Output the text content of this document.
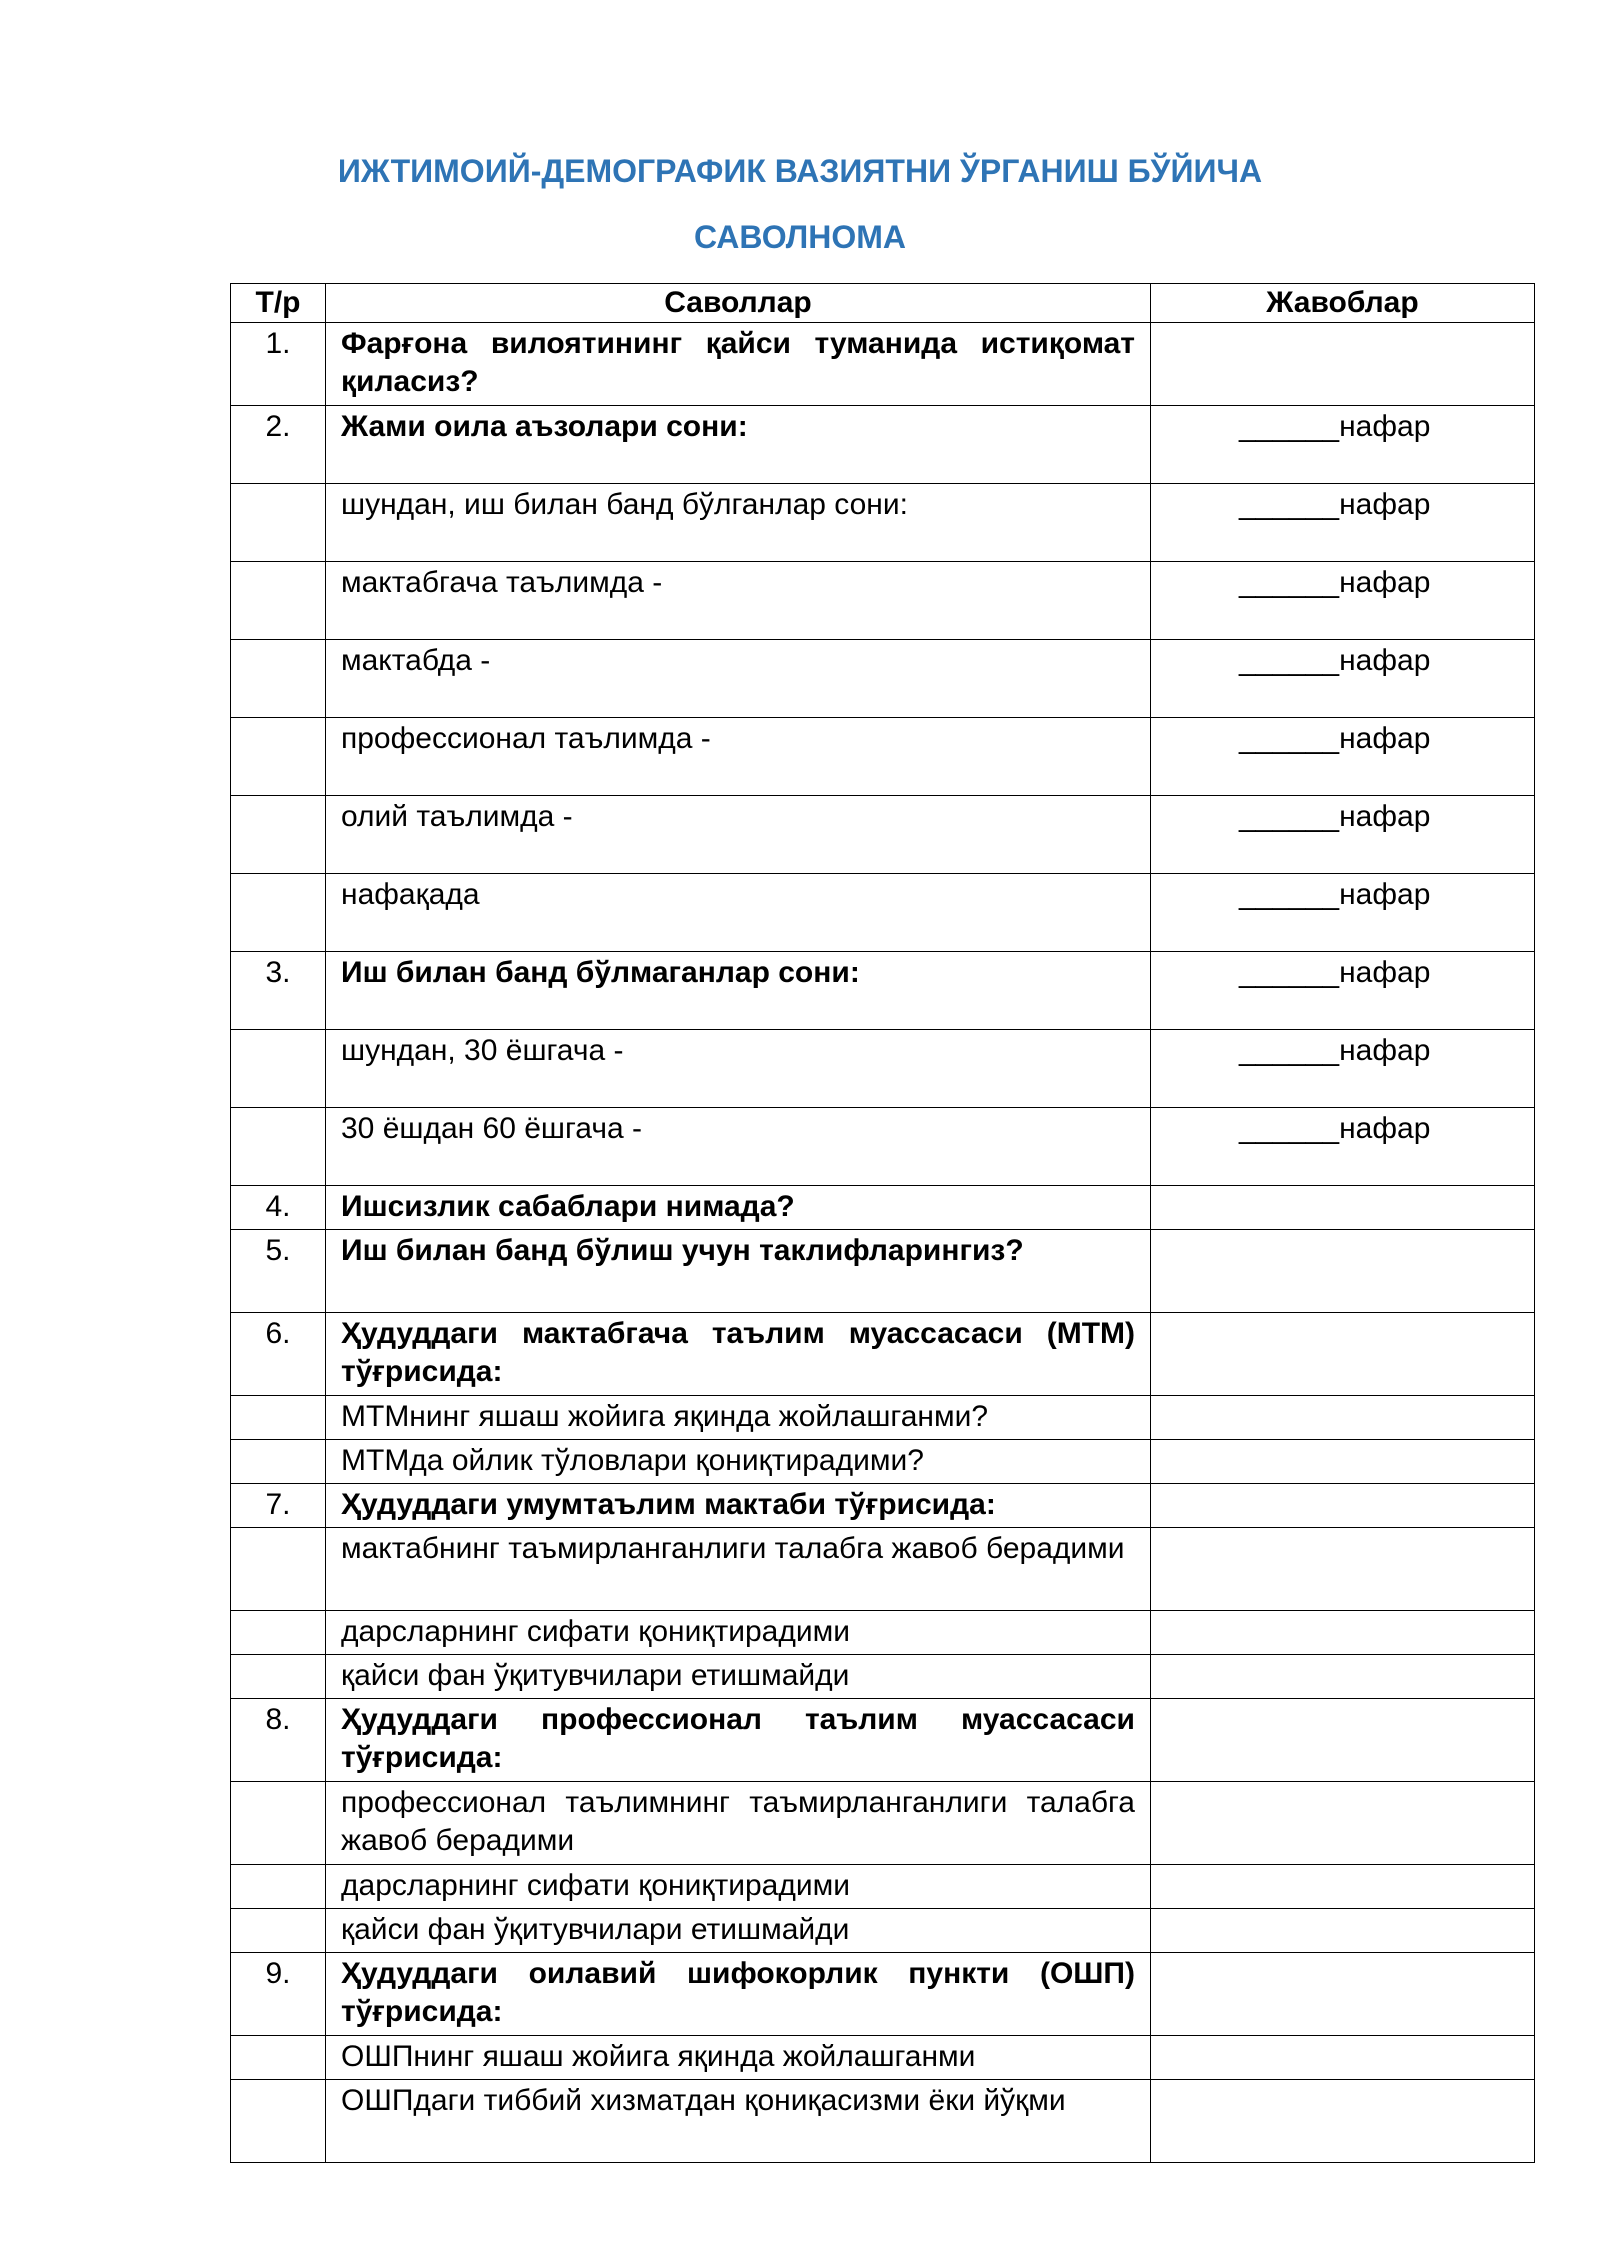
ИЖТИМОИЙ-ДЕМОГРАФИК ВАЗИЯТНИ ЎРГАНИШ БЎЙИЧА
САВОЛНОМА
Т/р	Саволлар	Жавоблар
1.	Фарғона вилоятининг қайси туманида истиқомат қиласиз?	
2.	Жами оила аъзолари сони:	______нафар
	шундан, иш билан банд бўлганлар сони:	______нафар
	мактабгача таълимда -	______нафар
	мактабда -	______нафар
	профессионал таълимда -	______нафар
	олий таълимда -	______нафар
	нафақада	______нафар
3.	Иш билан банд бўлмаганлар сони:	______нафар
	шундан, 30 ёшгача -	______нафар
	30 ёшдан 60 ёшгача -	______нафар
4.	Ишсизлик сабаблари нимада?	
5.	Иш билан банд бўлиш учун таклифларингиз?	
6.	Ҳудуддаги мактабгача таълим муассасаси (МТМ) тўғрисида:	
	МТМнинг яшаш жойига яқинда жойлашганми?	
	МТМда ойлик тўловлари қониқтирадими?	
7.	Ҳудуддаги умумтаълим мактаби тўғрисида:	
	мактабнинг таъмирланганлиги талабга жавоб берадими	
	дарсларнинг сифати қониқтирадими	
	қайси фан ўқитувчилари етишмайди	
8.	Ҳудуддаги профессионал таълим муассасаси тўғрисида:	
	профессионал таълимнинг таъмирланганлиги талабга жавоб берадими	
	дарсларнинг сифати қониқтирадими	
	қайси фан ўқитувчилари етишмайди	
9.	Ҳудуддаги оилавий шифокорлик пункти (ОШП) тўғрисида:	
	ОШПнинг яшаш жойига яқинда жойлашганми	
	ОШПдаги тиббий хизматдан қониқасизми ёки йўқми	
